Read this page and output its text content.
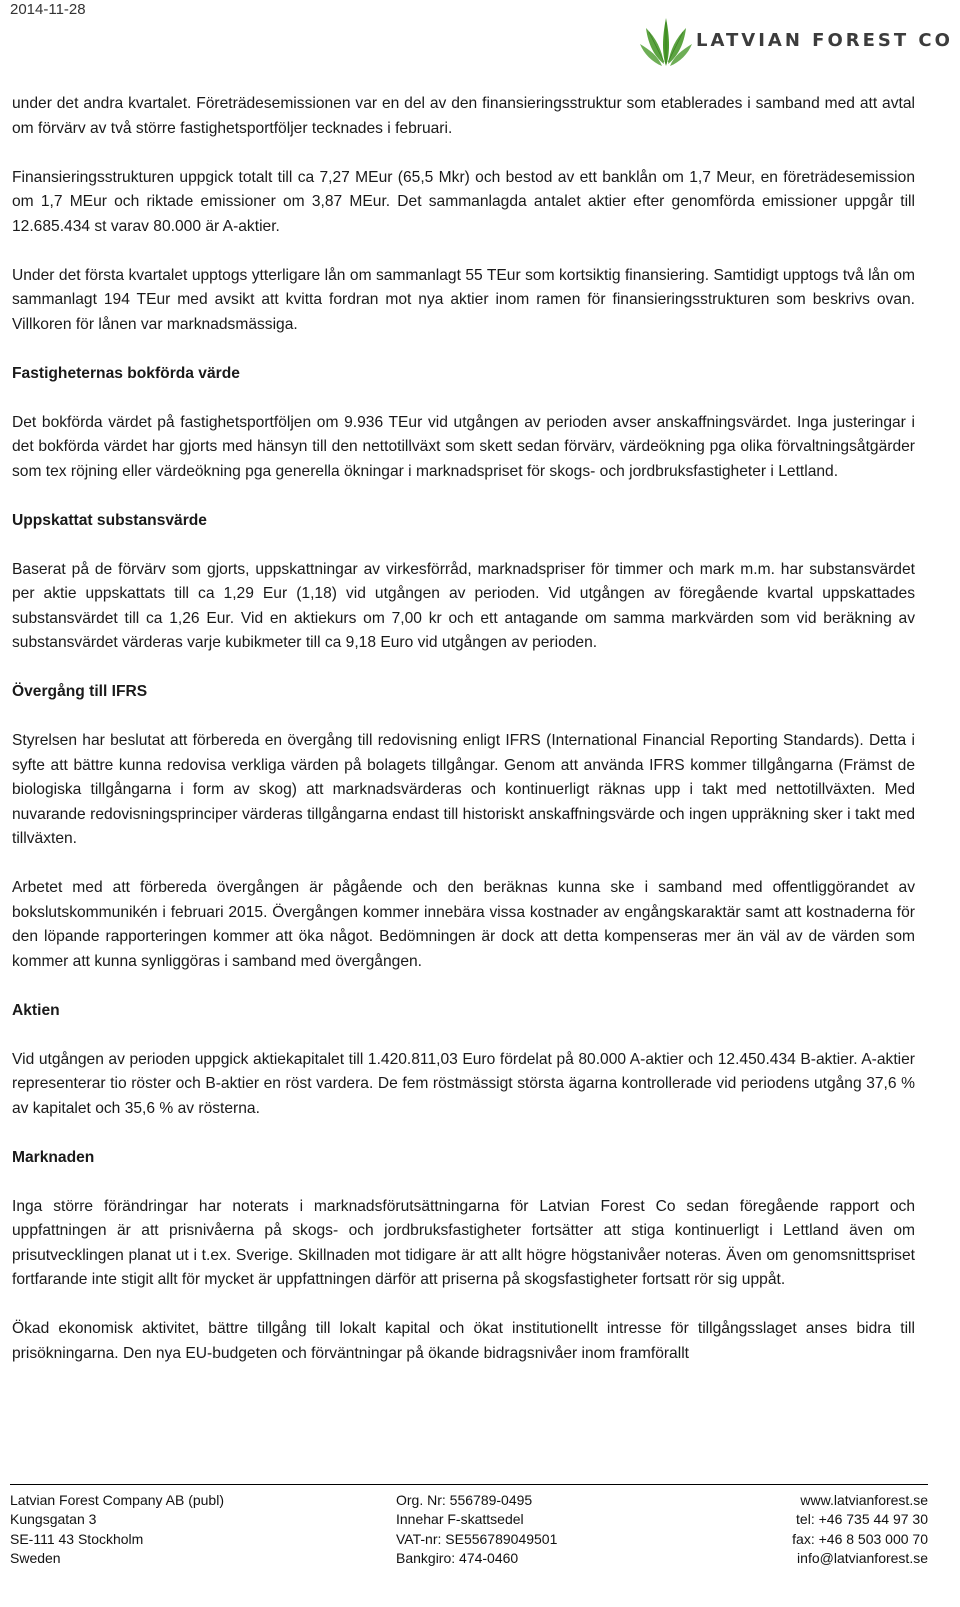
2014-11-28
LATVIAN FOREST CO

under det andra kvartalet. Företrädesemissionen var en del av den finansieringsstruktur som etablerades i samband med att avtal om förvärv av två större fastighetsportföljer tecknades i februari.

Finansieringsstrukturen uppgick totalt till ca 7,27 MEur (65,5 Mkr) och bestod av ett banklån om 1,7 Meur, en företrädesemission om 1,7 MEur och riktade emissioner om 3,87 MEur. Det sammanlagda antalet aktier efter genomförda emissioner uppgår till 12.685.434 st varav 80.000 är A-aktier.

Under det första kvartalet upptogs ytterligare lån om sammanlagt 55 TEur som kortsiktig finansiering. Samtidigt upptogs två lån om sammanlagt 194 TEur med avsikt att kvitta fordran mot nya aktier inom ramen för finansieringsstrukturen som beskrivs ovan. Villkoren för lånen var marknadsmässiga.

Fastigheternas bokförda värde

Det bokförda värdet på fastighetsportföljen om 9.936 TEur vid utgången av perioden avser anskaffningsvärdet. Inga justeringar i det bokförda värdet har gjorts med hänsyn till den nettotillväxt som skett sedan förvärv, värdeökning pga olika förvaltningsåtgärder som tex röjning eller värdeökning pga generella ökningar i marknadspriset för skogs- och jordbruksfastigheter i Lettland.

Uppskattat substansvärde

Baserat på de förvärv som gjorts, uppskattningar av virkesförråd, marknadspriser för timmer och mark m.m. har substansvärdet per aktie uppskattats till ca 1,29 Eur (1,18) vid utgången av perioden. Vid utgången av föregående kvartal uppskattades substansvärdet till ca 1,26 Eur. Vid en aktiekurs om 7,00 kr och ett antagande om samma markvärden som vid beräkning av substansvärdet värderas varje kubikmeter till ca 9,18 Euro vid utgången av perioden.

Övergång till IFRS

Styrelsen har beslutat att förbereda en övergång till redovisning enligt IFRS (International Financial Reporting Standards). Detta i syfte att bättre kunna redovisa verkliga värden på bolagets tillgångar. Genom att använda IFRS kommer tillgångarna (Främst de biologiska tillgångarna i form av skog) att marknadsvärderas och kontinuerligt räknas upp i takt med nettotillväxten. Med nuvarande redovisningsprinciper värderas tillgångarna endast till historiskt anskaffningsvärde och ingen uppräkning sker i takt med tillväxten.

Arbetet med att förbereda övergången är pågående och den beräknas kunna ske i samband med offentliggörandet av bokslutskommunikén i februari 2015. Övergången kommer innebära vissa kostnader av engångskaraktär samt att kostnaderna för den löpande rapporteringen kommer att öka något. Bedömningen är dock att detta kompenseras mer än väl av de värden som kommer att kunna synliggöras i samband med övergången.

Aktien

Vid utgången av perioden uppgick aktiekapitalet till 1.420.811,03 Euro fördelat på 80.000 A-aktier och 12.450.434 B-aktier. A-aktier representerar tio röster och B-aktier en röst vardera. De fem röstmässigt största ägarna kontrollerade vid periodens utgång 37,6 % av kapitalet och 35,6 % av rösterna.

Marknaden

Inga större förändringar har noterats i marknadsförutsättningarna för Latvian Forest Co sedan föregående rapport och uppfattningen är att prisnivåerna på skogs- och jordbruksfastigheter fortsätter att stiga kontinuerligt i Lettland även om prisutvecklingen planat ut i t.ex. Sverige. Skillnaden mot tidigare är att allt högre högstanivåer noteras. Även om genomsnittspriset fortfarande inte stigit allt för mycket är uppfattningen därför att priserna på skogsfastigheter fortsatt rör sig uppåt.

Ökad ekonomisk aktivitet, bättre tillgång till lokalt kapital och ökat institutionellt intresse för tillgångsslaget anses bidra till prisökningarna. Den nya EU-budgeten och förväntningar på ökande bidragsnivåer inom framförallt

Latvian Forest Company AB (publ)
Kungsgatan 3
SE-111 43 Stockholm
Sweden
Org. Nr: 556789-0495
Innehar F-skattsedel
VAT-nr: SE556789049501
Bankgiro: 474-0460
www.latvianforest.se
tel: +46 735 44 97 30
fax: +46 8 503 000 70
info@latvianforest.se
